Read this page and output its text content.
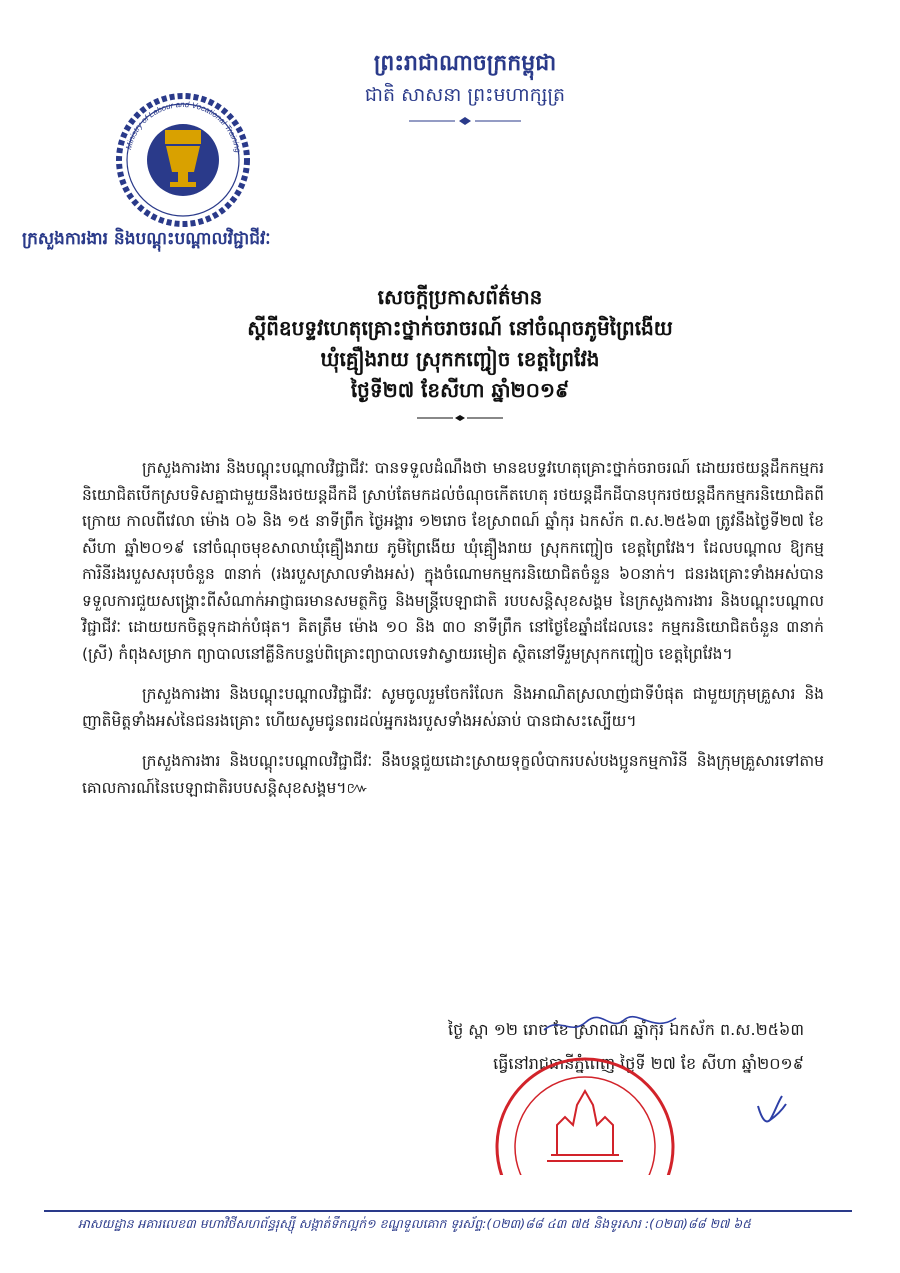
ព្រះរាជាណាចក្រកម្ពុជា
ជាតិ សាសនា ព្រះមហាក្សត្រ
Ministry of Labour and Vocational Training
ក្រសួងការងារ និងបណ្តុះបណ្តាលវិជ្ជាជីវៈ
សេចក្តីប្រកាសព័ត៌មាន
ស្តីពីឧបទ្ទវហេតុគ្រោះថ្នាក់ចរាចរណ៍ នៅចំណុចភូមិព្រៃងើយ
ឃុំគ្មឿងរាយ ស្រុកកញ្ជៀច ខេត្តព្រៃវែង
ថ្ងៃទី២៧ ខែសីហា ឆ្នាំ២០១៩

ក្រសួងការងារ និងបណ្តុះបណ្តាលវិជ្ជាជីវៈ បានទទួលដំណឹងថា មានឧបទ្ទវហេតុគ្រោះថ្នាក់ចរាចរណ៍ ដោយរថយន្តដឹកកម្មករនិយោជិតបើកស្របទិសគ្នាជាមួយនឹងរថយន្តដឹកដី ស្រាប់តែមកដល់ចំណុចកើតហេតុ រថយន្តដឹកដីបានបុករថយន្តដឹកកម្មករនិយោជិតពីក្រោយ កាលពីវេលា ម៉ោង ០៦ និង ១៥ នាទីព្រឹក ថ្ងៃអង្គារ ១២រោច ខែស្រាពណ៍ ឆ្នាំកុរ ឯកស័ក ព.ស.២៥៦៣ ត្រូវនឹងថ្ងៃទី២៧ ខែសីហា ឆ្នាំ២០១៩ នៅចំណុចមុខសាលាឃុំគ្មឿងរាយ ភូមិព្រៃងើយ ឃុំគ្មឿងរាយ ស្រុកកញ្ជៀច ខេត្តព្រៃវែង។ ដែលបណ្តាល ឱ្យកម្មការិនីរងរបួសសរុបចំនួន ៣នាក់ (រងរបួសស្រាលទាំងអស់) ក្នុងចំណោមកម្មករនិយោជិតចំនួន ៦០នាក់។ ជនរងគ្រោះទាំងអស់បានទទួលការជួយសង្គ្រោះពីសំណាក់អាជ្ញាធរមានសមត្ថកិច្ច និងមន្ត្រីបេឡាជាតិ របបសន្តិសុខសង្គម នៃក្រសួងការងារ និងបណ្តុះបណ្តាលវិជ្ជាជីវៈ ដោយយកចិត្តទុកដាក់បំផុត។ គិតត្រឹម ម៉ោង ១០ និង ៣០ នាទីព្រឹក នៅថ្ងៃខែឆ្នាំដដែលនេះ កម្មករនិយោជិតចំនួន ៣នាក់ (ស្រី) កំពុងសម្រាក ព្យាបាលនៅគ្លីនិកបន្ទប់ពិគ្រោះព្យាបាលទេវាស្វាយរមៀត ស្ថិតនៅទីរួមស្រុកកញ្ជៀច ខេត្តព្រៃវែង។

ក្រសួងការងារ និងបណ្តុះបណ្តាលវិជ្ជាជីវៈ សូមចូលរួមចែករំលែក និងអាណិតស្រលាញ់ជាទីបំផុត ជាមួយក្រុមគ្រួសារ និងញាតិមិត្តទាំងអស់នៃជនរងគ្រោះ ហើយសូមជូនពរដល់អ្នករងរបួសទាំងអស់ឆាប់ បានជាសះស្បើយ។

ក្រសួងការងារ និងបណ្តុះបណ្តាលវិជ្ជាជីវៈ នឹងបន្តជួយដោះស្រាយទុក្ខលំបាករបស់បងប្អូនកម្មការិនី និងក្រុមគ្រួសារទៅតាមគោលការណ៍នៃបេឡាជាតិរបបសន្តិសុខសង្គម។៚

ថ្ងៃ ស្ពា ១២ រោច ខែ ស្រាពណ៍ ឆ្នាំកុរ ឯកស័ក ព.ស.២៥៦៣
ធ្វើនៅរាជធានីភ្នំពេញ ថ្ងៃទី ២៧ ខែ សីហា ឆ្នាំ២០១៩
អាសយដ្ឋាន អគារលេខ៣ មហាវិថីសហព័ន្ធរុស្ស៊ី សង្កាត់ទឹកល្អក់១ ខណ្ឌទួលគោក ទូរស័ព្ទ:(០២៣)៨៨ ៤៣ ៧៥ និងទូរសារ :(០២៣)៨៨ ២៧ ៦៥
